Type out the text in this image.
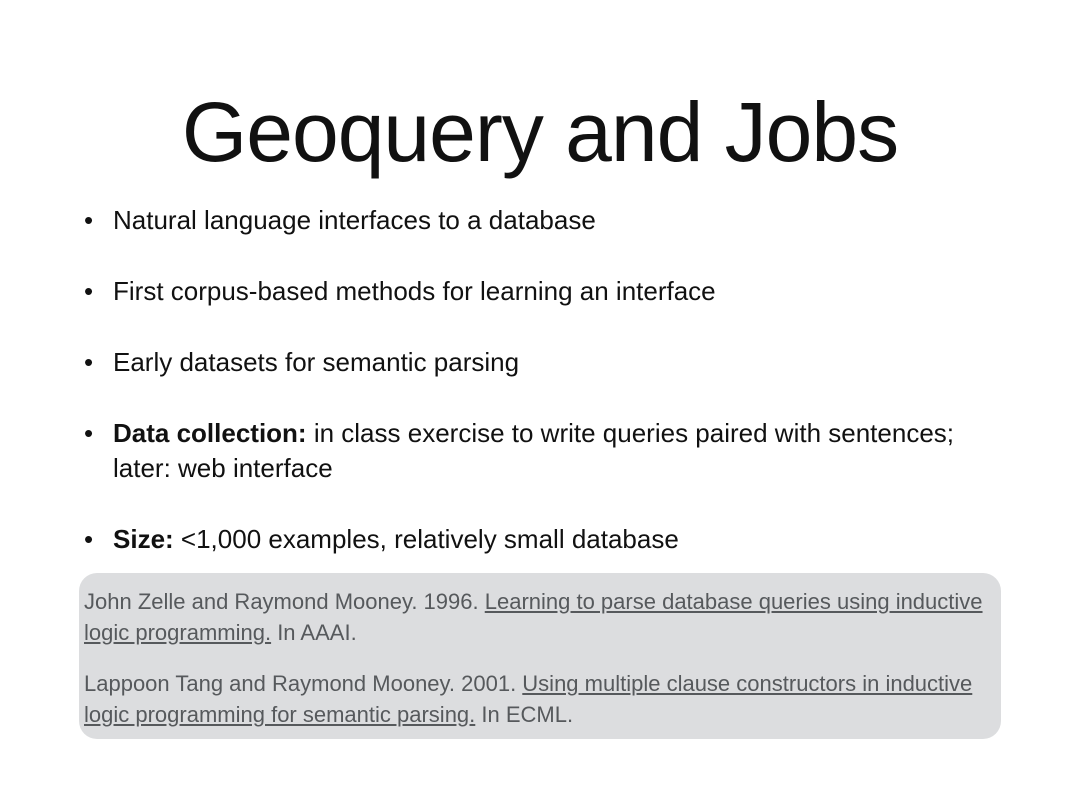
Geoquery and Jobs
• Natural language interfaces to a database
• First corpus-based methods for learning an interface
• Early datasets for semantic parsing
• Data collection: in class exercise to write queries paired with sentences; later: web interface
• Size: <1,000 examples, relatively small database

John Zelle and Raymond Mooney. 1996. Learning to parse database queries using inductive logic programming. In AAAI.

Lappoon Tang and Raymond Mooney. 2001. Using multiple clause constructors in inductive logic programming for semantic parsing. In ECML.
